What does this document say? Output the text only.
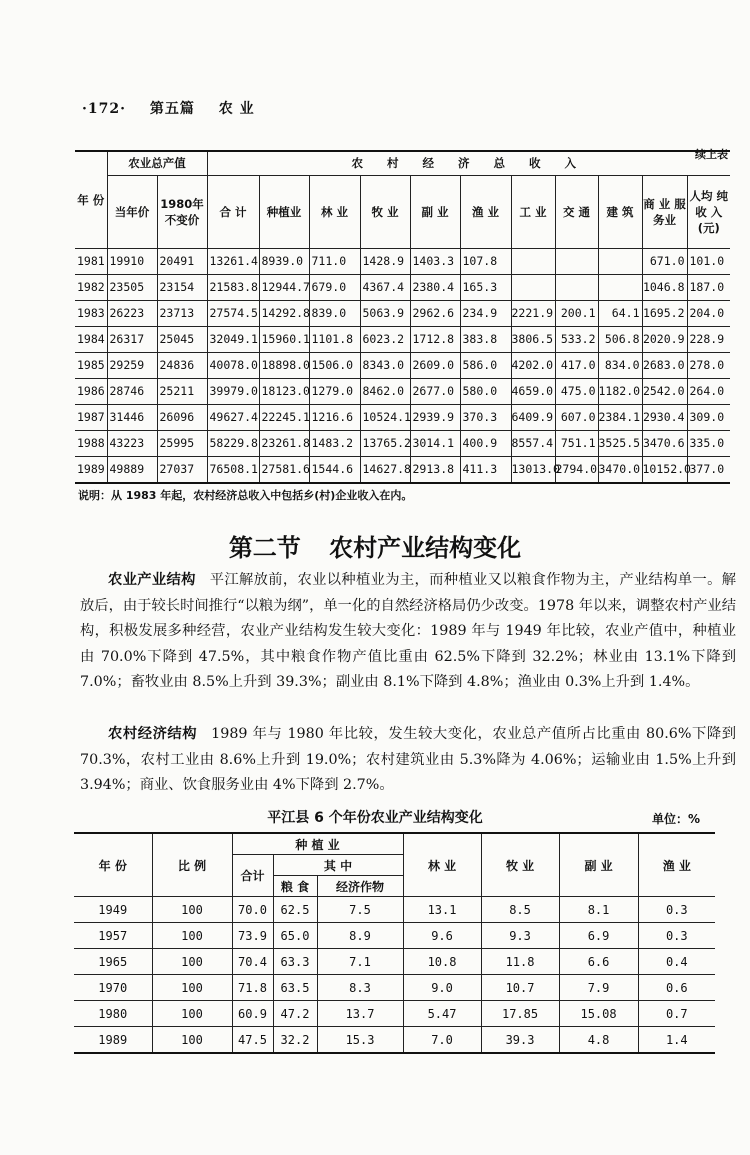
·172· 第五篇 农 业
续上表
年 份	农业总产值		农 村 经 济 总 收 入										
	当年价	1980年 不变价	合 计	种植业	林 业	牧 业	副 业	渔 业	工 业	交 通	建 筑	商 业 服务业	人均 纯收 入(元)
1981	19910	20491	13261.4	8939.0	711.0	1428.9	1403.3	107.8				671.0	101.0
1982	23505	23154	21583.8	12944.7	679.0	4367.4	2380.4	165.3				1046.8	187.0
1983	26223	23713	27574.5	14292.8	839.0	5063.9	2962.6	234.9	2221.9	200.1	64.1	1695.2	204.0
1984	26317	25045	32049.1	15960.1	1101.8	6023.2	1712.8	383.8	3806.5	533.2	506.8	2020.9	228.9
1985	29259	24836	40078.0	18898.0	1506.0	8343.0	2609.0	586.0	4202.0	417.0	834.0	2683.0	278.0
1986	28746	25211	39979.0	18123.0	1279.0	8462.0	2677.0	580.0	4659.0	475.0	1182.0	2542.0	264.0
1987	31446	26096	49627.4	22245.1	1216.6	10524.1	2939.9	370.3	6409.9	607.0	2384.1	2930.4	309.0
1988	43223	25995	58229.8	23261.8	1483.2	13765.2	3014.1	400.9	8557.4	751.1	3525.5	3470.6	335.0
1989	49889	27037	76508.1	27581.6	1544.6	14627.8	2913.8	411.3	13013.0	2794.0	3470.0	10152.0	377.0
说明：从 1983 年起，农村经济总收入中包括乡(村)企业收入在内。
第二节 农村产业结构变化
农业产业结构 平江解放前，农业以种植业为主，而种植业又以粮食作物为主，产业结构单一。解放后，由于较长时间推行“以粮为纲”，单一化的自然经济格局仍少改变。1978 年以来，调整农村产业结构，积极发展多种经营，农业产业结构发生较大变化：1989 年与 1949 年比较，农业产值中，种植业由 70.0%下降到 47.5%，其中粮食作物产值比重由 62.5%下降到 32.2%；林业由 13.1%下降到 7.0%；畜牧业由 8.5%上升到 39.3%；副业由 8.1%下降到 4.8%；渔业由 0.3%上升到 1.4%。
农村经济结构 1989 年与 1980 年比较，发生较大变化，农业总产值所占比重由 80.6%下降到 70.3%，农村工业由 8.6%上升到 19.0%；农村建筑业由 5.3%降为 4.06%；运输业由 1.5%上升到 3.94%；商业、饮食服务业由 4%下降到 2.7%。
平江县 6 个年份农业产业结构变化	单位：%
年 份	比 例	种 植 业			林 业	牧 业	副 业	渔 业
		合计	其 中					
			粮 食	经济作物				
1949	100	70.0	62.5	7.5	13.1	8.5	8.1	0.3
1957	100	73.9	65.0	8.9	9.6	9.3	6.9	0.3
1965	100	70.4	63.3	7.1	10.8	11.8	6.6	0.4
1970	100	71.8	63.5	8.3	9.0	10.7	7.9	0.6
1980	100	60.9	47.2	13.7	5.47	17.85	15.08	0.7
1989	100	47.5	32.2	15.3	7.0	39.3	4.8	1.4
